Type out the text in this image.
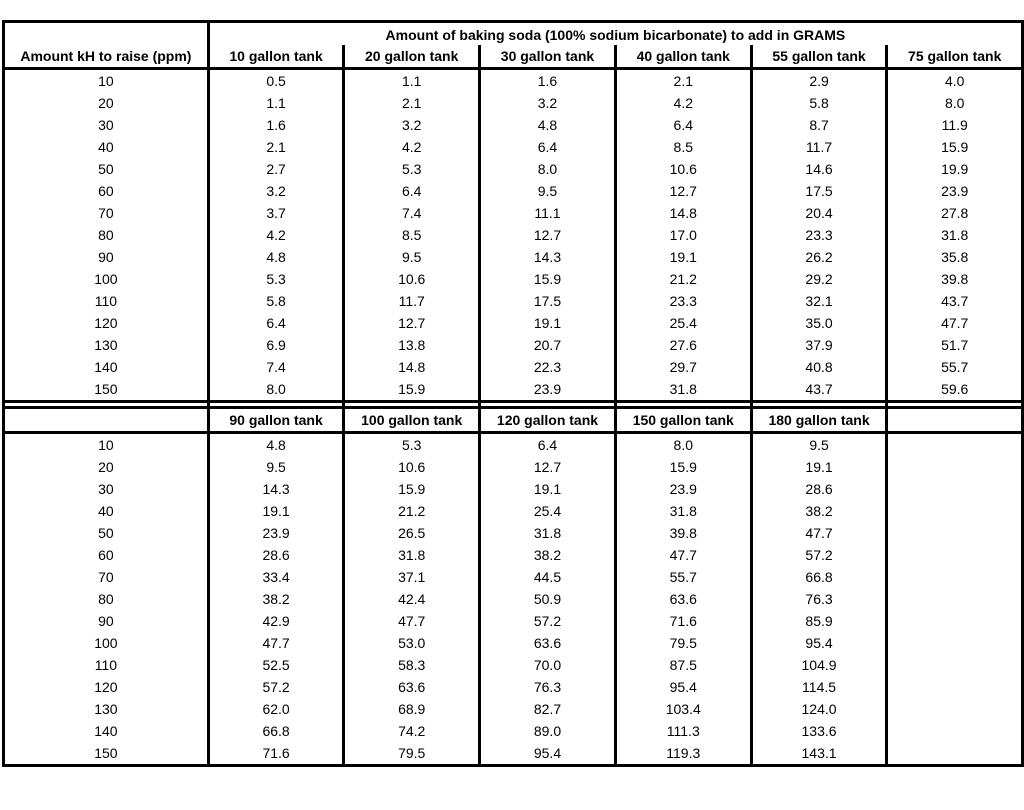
	Amount of baking soda (100% sodium bicarbonate) to add in GRAMS					
Amount kH to raise (ppm)	10 gallon tank	20 gallon tank	30 gallon tank	40 gallon tank	55 gallon tank	75 gallon tank
10	0.5	1.1	1.6	2.1	2.9	4.0
20	1.1	2.1	3.2	4.2	5.8	8.0
30	1.6	3.2	4.8	6.4	8.7	11.9
40	2.1	4.2	6.4	8.5	11.7	15.9
50	2.7	5.3	8.0	10.6	14.6	19.9
60	3.2	6.4	9.5	12.7	17.5	23.9
70	3.7	7.4	11.1	14.8	20.4	27.8
80	4.2	8.5	12.7	17.0	23.3	31.8
90	4.8	9.5	14.3	19.1	26.2	35.8
100	5.3	10.6	15.9	21.2	29.2	39.8
110	5.8	11.7	17.5	23.3	32.1	43.7
120	6.4	12.7	19.1	25.4	35.0	47.7
130	6.9	13.8	20.7	27.6	37.9	51.7
140	7.4	14.8	22.3	29.7	40.8	55.7
150	8.0	15.9	23.9	31.8	43.7	59.6

	90 gallon tank	100 gallon tank	120 gallon tank	150 gallon tank	180 gallon tank	
10	4.8	5.3	6.4	8.0	9.5	
20	9.5	10.6	12.7	15.9	19.1	
30	14.3	15.9	19.1	23.9	28.6	
40	19.1	21.2	25.4	31.8	38.2	
50	23.9	26.5	31.8	39.8	47.7	
60	28.6	31.8	38.2	47.7	57.2	
70	33.4	37.1	44.5	55.7	66.8	
80	38.2	42.4	50.9	63.6	76.3	
90	42.9	47.7	57.2	71.6	85.9	
100	47.7	53.0	63.6	79.5	95.4	
110	52.5	58.3	70.0	87.5	104.9	
120	57.2	63.6	76.3	95.4	114.5	
130	62.0	68.9	82.7	103.4	124.0	
140	66.8	74.2	89.0	111.3	133.6	
150	71.6	79.5	95.4	119.3	143.1	
